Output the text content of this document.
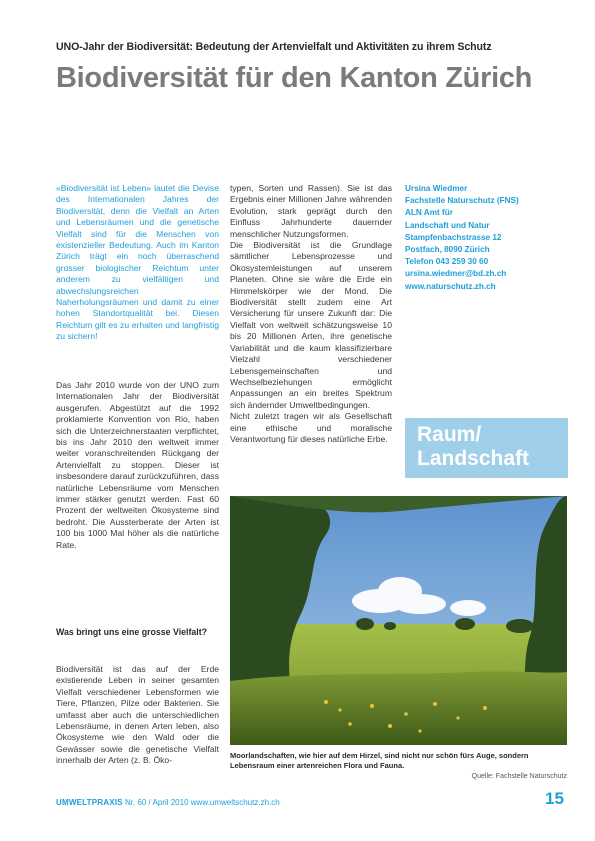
UNO-Jahr der Biodiversität: Bedeutung der Artenvielfalt und Aktivitäten zu ihrem Schutz
Biodiversität für den Kanton Zürich
«Biodiversität ist Leben» lautet die Devise des Internationalen Jahres der Biodiversität, denn die Vielfalt an Arten und Lebensräumen und die genetische Vielfalt sind für die Menschen von existenzieller Bedeutung. Auch im Kanton Zürich trägt ein noch überraschend grosser biologischer Reichtum unter anderem zu vielfältigen und abwechslungsreichen Naherholungsräumen und damit zu einer hohen Standortqualität bei. Diesen Reichtum gilt es zu erhalten und langfristig zu sichern!
Das Jahr 2010 wurde von der UNO zum Internationalen Jahr der Biodiversität ausgerufen. Abgestützt auf die 1992 proklamierte Konvention von Rio, haben sich die Unterzeichnerstaaten verpflichtet, bis ins Jahr 2010 den weltweit immer weiter voranschreitenden Rückgang der Artenvielfalt zu stoppen. Dieser ist insbesondere darauf zurückzuführen, dass natürliche Lebensräume vom Menschen immer stärker genutzt werden. Fast 60 Prozent der weltweiten Ökosysteme sind bedroht. Die Aussterberate der Arten ist 100 bis 1000 Mal höher als die natürliche Rate.
Was bringt uns eine grosse Vielfalt?
Biodiversität ist das auf der Erde existierende Leben in seiner gesamten Vielfalt verschiedener Lebensformen wie Tiere, Pflanzen, Pilze oder Bakterien. Sie umfasst aber auch die unterschiedlichen Lebensräume, in denen Arten leben, also Ökosysteme wie den Wald oder die Gewässer sowie die genetische Vielfalt innerhalb der Arten (z. B. Öko-

typen, Sorten und Rassen). Sie ist das Ergebnis einer Millionen Jahre währenden Evolution, stark geprägt durch den Einfluss Jahrhunderte dauernder menschlicher Nutzungsformen.

Die Biodiversität ist die Grundlage sämtlicher Lebensprozesse und Ökosystemleistungen auf unserem Planeten. Ohne sie wäre die Erde ein Himmelskörper wie der Mond. Die Biodiversität stellt zudem eine Art Versicherung für unsere Zukunft dar: Die Vielfalt von weltweit schätzungsweise 10 bis 20 Millionen Arten, ihre genetische Variabilität und die kaum klassifizierbare Vielzahl verschiedener Lebensgemeinschaften und Wechselbeziehungen ermöglicht Anpassungen an ein breites Spektrum sich ändernder Umweltbedingungen.

Nicht zuletzt tragen wir als Gesellschaft eine ethische und moralische Verantwortung für dieses natürliche Erbe.

Ursina Wiedmer
Fachstelle Naturschutz (FNS)
ALN Amt für
Landschaft und Natur
Stampfenbachstrasse 12
Postfach, 8090 Zürich
Telefon 043 259 30 60
ursina.wiedmer@bd.zh.ch
www.naturschutz.zh.ch
Raum/
Landschaft
Moorlandschaften, wie hier auf dem Hirzel, sind nicht nur schön fürs Auge, sondern Lebensraum einer artenreichen Flora und Fauna.
Quelle: Fachstelle Naturschutz
UMWELTPRAXIS Nr. 60 / April 2010 www.umweltschutz.zh.ch	15
